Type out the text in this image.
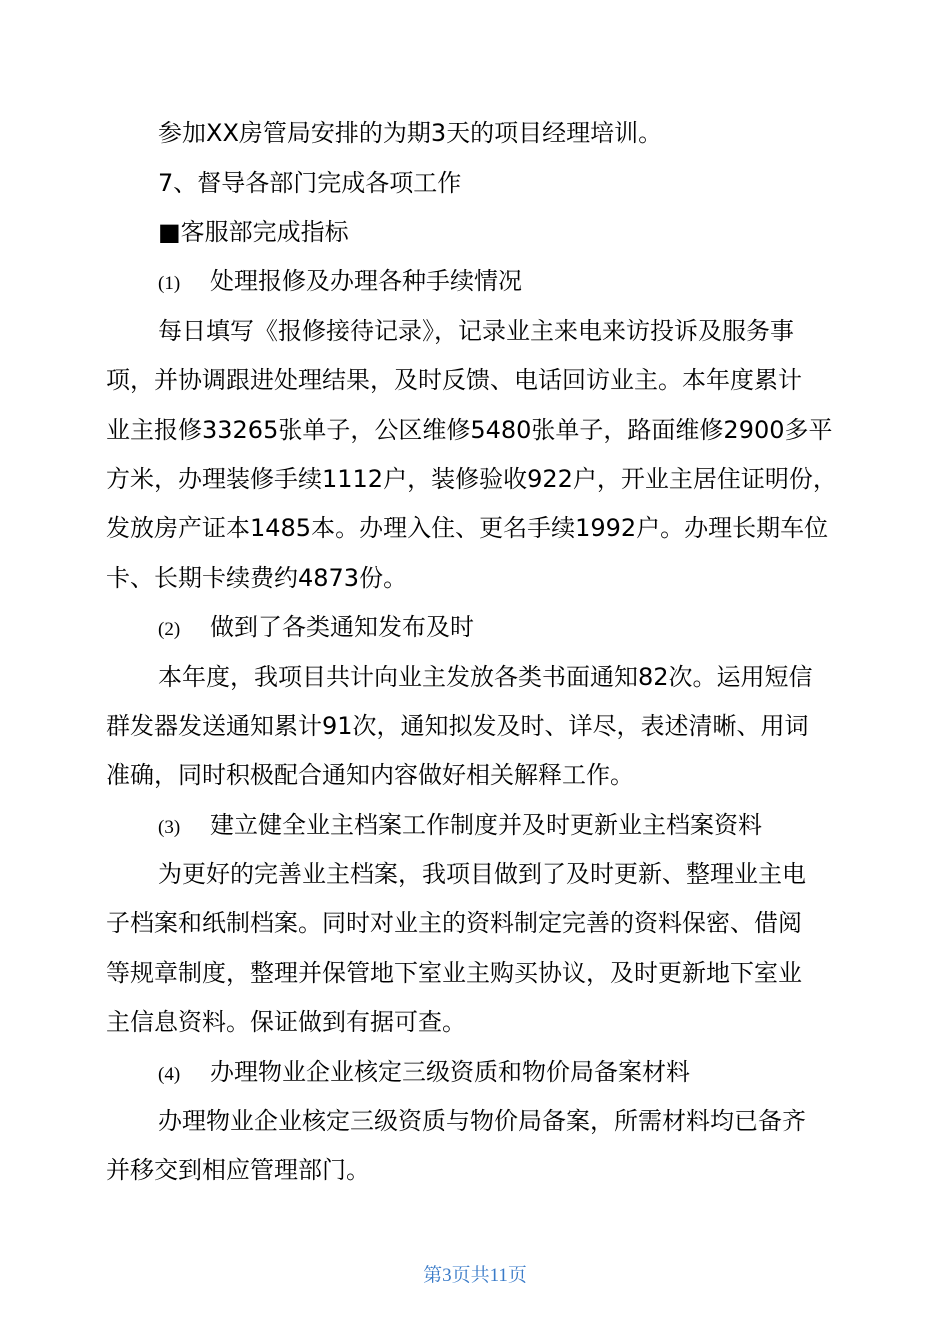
参加XX房管局安排的为期3天的项目经理培训。
7、督导各部门完成各项工作
■客服部完成指标
(1) 处理报修及办理各种手续情况
每日填写《报修接待记录》，记录业主来电来访投诉及服务事
项，并协调跟进处理结果，及时反馈、电话回访业主。本年度累计
业主报修33265张单子，公区维修5480张单子，路面维修2900多平
方米，办理装修手续1112户，装修验收922户，开业主居住证明份，
发放房产证本1485本。办理入住、更名手续1992户。办理长期车位
卡、长期卡续费约4873份。
(2) 做到了各类通知发布及时
本年度，我项目共计向业主发放各类书面通知82次。运用短信
群发器发送通知累计91次，通知拟发及时、详尽，表述清晰、用词
准确，同时积极配合通知内容做好相关解释工作。
(3) 建立健全业主档案工作制度并及时更新业主档案资料
为更好的完善业主档案，我项目做到了及时更新、整理业主电
子档案和纸制档案。同时对业主的资料制定完善的资料保密、借阅
等规章制度，整理并保管地下室业主购买协议，及时更新地下室业
主信息资料。保证做到有据可查。
(4) 办理物业企业核定三级资质和物价局备案材料
办理物业企业核定三级资质与物价局备案，所需材料均已备齐
并移交到相应管理部门。
第3页共11页
